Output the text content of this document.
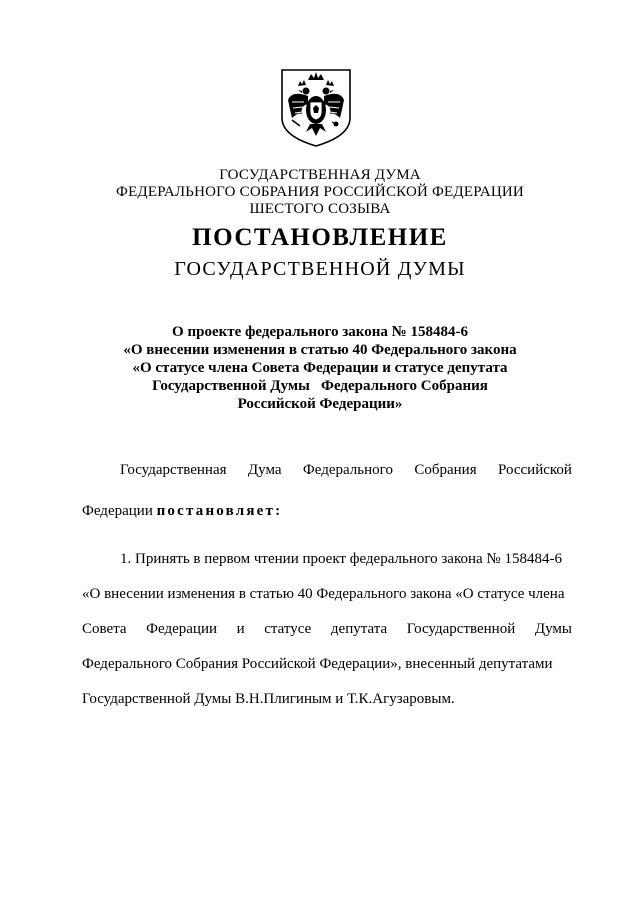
ГОСУДАРСТВЕННАЯ ДУМА
ФЕДЕРАЛЬНОГО СОБРАНИЯ РОССИЙСКОЙ ФЕДЕРАЦИИ
ШЕСТОГО СОЗЫВА
ПОСТАНОВЛЕНИЕ
ГОСУДАРСТВЕННОЙ ДУМЫ
О проекте федерального закона № 158484-6
«О внесении изменения в статью 40 Федерального закона
«О статусе члена Совета Федерации и статусе депутата
Государственной Думы   Федерального Собрания
Российской Федерации»
Государственная Дума Федерального Собрания Российской
Федерации постановляет:
1. Принять в первом чтении проект федерального закона № 158484-6
«О внесении изменения в статью 40 Федерального закона «О статусе члена
Совета Федерации и статусе депутата Государственной Думы
Федерального Собрания Российской Федерации», внесенный депутатами
Государственной Думы В.Н.Плигиным и Т.К.Агузаровым.
